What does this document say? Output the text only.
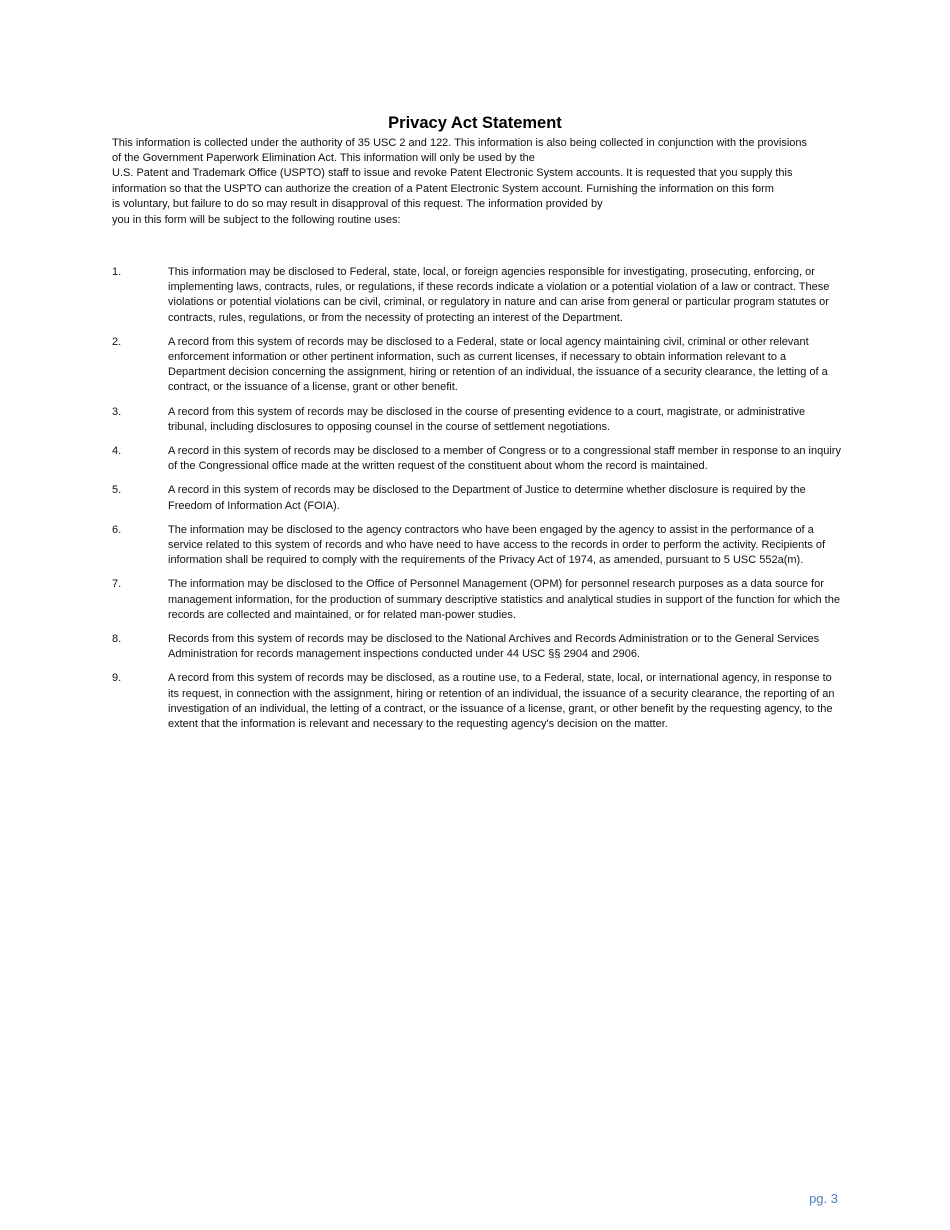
Privacy Act Statement
This information is collected under the authority of 35 USC 2 and 122. This information is also being collected in conjunction with the provisions
of the Government Paperwork Elimination Act. This information will only be used by the
U.S. Patent and Trademark Office (USPTO) staff to issue and revoke Patent Electronic System accounts. It is requested that you supply this
information so that the USPTO can authorize the creation of a Patent Electronic System account. Furnishing the information on this form
is voluntary, but failure to do so may result in disapproval of this request. The information provided by
you in this form will be subject to the following routine uses:
1.	This information may be disclosed to Federal, state, local, or foreign agencies responsible for investigating, prosecuting, enforcing, or implementing laws, contracts, rules, or regulations, if these records indicate a violation or a potential violation of a law or contract. These violations or potential violations can be civil, criminal, or regulatory in nature and can arise from general or particular program statutes or contracts, rules, regulations, or from the necessity of protecting an interest of the Department.
2.	A record from this system of records may be disclosed to a Federal, state or local agency maintaining civil, criminal or other relevant enforcement information or other pertinent information, such as current licenses, if necessary to obtain information relevant to a Department decision concerning the assignment, hiring or retention of an individual, the issuance of a security clearance, the letting of a contract, or the issuance of a license, grant or other benefit.
3.	A record from this system of records may be disclosed in the course of presenting evidence to a court, magistrate, or administrative tribunal, including disclosures to opposing counsel in the course of settlement negotiations.
4.	A record in this system of records may be disclosed to a member of Congress or to a congressional staff member in response to an inquiry of the Congressional office made at the written request of the constituent about whom the record is maintained.
5.	A record in this system of records may be disclosed to the Department of Justice to determine whether disclosure is required by the Freedom of Information Act (FOIA).
6.	The information may be disclosed to the agency contractors who have been engaged by the agency to assist in the performance of a service related to this system of records and who have need to have access to the records in order to perform the activity. Recipients of information shall be required to comply with the requirements of the Privacy Act of 1974, as amended, pursuant to 5 USC 552a(m).
7.	The information may be disclosed to the Office of Personnel Management (OPM) for personnel research purposes as a data source for management information, for the production of summary descriptive statistics and analytical studies in support of the function for which the records are collected and maintained, or for related man-power studies.
8.	Records from this system of records may be disclosed to the National Archives and Records Administration or to the General Services Administration for records management inspections conducted under 44 USC §§ 2904 and 2906.
9.	A record from this system of records may be disclosed, as a routine use, to a Federal, state, local, or international agency, in response to its request, in connection with the assignment, hiring or retention of an individual, the issuance of a security clearance, the reporting of an investigation of an individual, the letting of a contract, or the issuance of a license, grant, or other benefit by the requesting agency, to the extent that the information is relevant and necessary to the requesting agency's decision on the matter.
pg. 3
